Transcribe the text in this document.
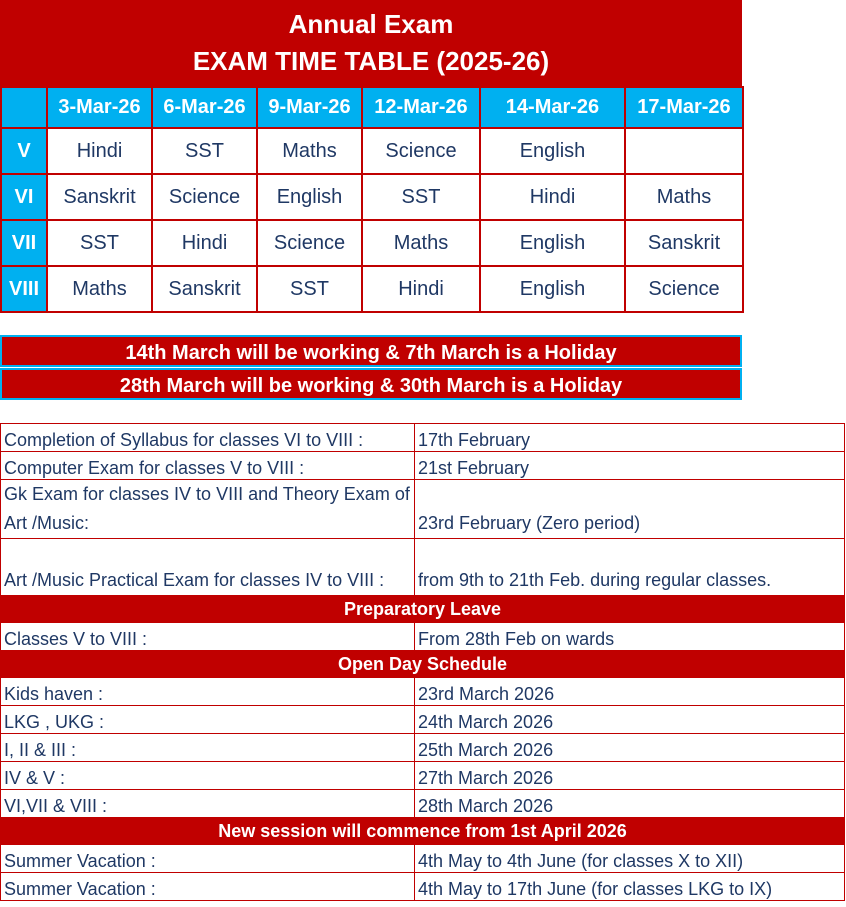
Annual Exam
EXAM TIME TABLE (2025-26)
	3-Mar-26	6-Mar-26	9-Mar-26	12-Mar-26	14-Mar-26	17-Mar-26
V	Hindi	SST	Maths	Science	English	
VI	Sanskrit	Science	English	SST	Hindi	Maths
VII	SST	Hindi	Science	Maths	English	Sanskrit
VIII	Maths	Sanskrit	SST	Hindi	English	Science
14th March will be working & 7th March is a Holiday
28th March will be working & 30th March is a Holiday
Completion of Syllabus for classes VI to VIII :	17th February
Computer Exam for classes V to VIII :	21st February
Gk Exam for classes IV to VIII and Theory Exam of Art /Music:	23rd February (Zero period)
Art /Music Practical Exam for classes IV to VIII :	from 9th to 21th Feb. during regular classes.
Preparatory Leave	
Classes V to VIII :	From 28th Feb on wards
Open Day Schedule	
Kids haven :	23rd March 2026
LKG , UKG :	24th March 2026
I, II & III :	25th March 2026
IV & V :	27th March 2026
VI,VII & VIII :	28th March 2026
New session will commence from 1st April 2026	
Summer Vacation :	4th May to 4th June (for classes X to XII)
Summer Vacation :	4th May to 17th June (for classes LKG to IX)
